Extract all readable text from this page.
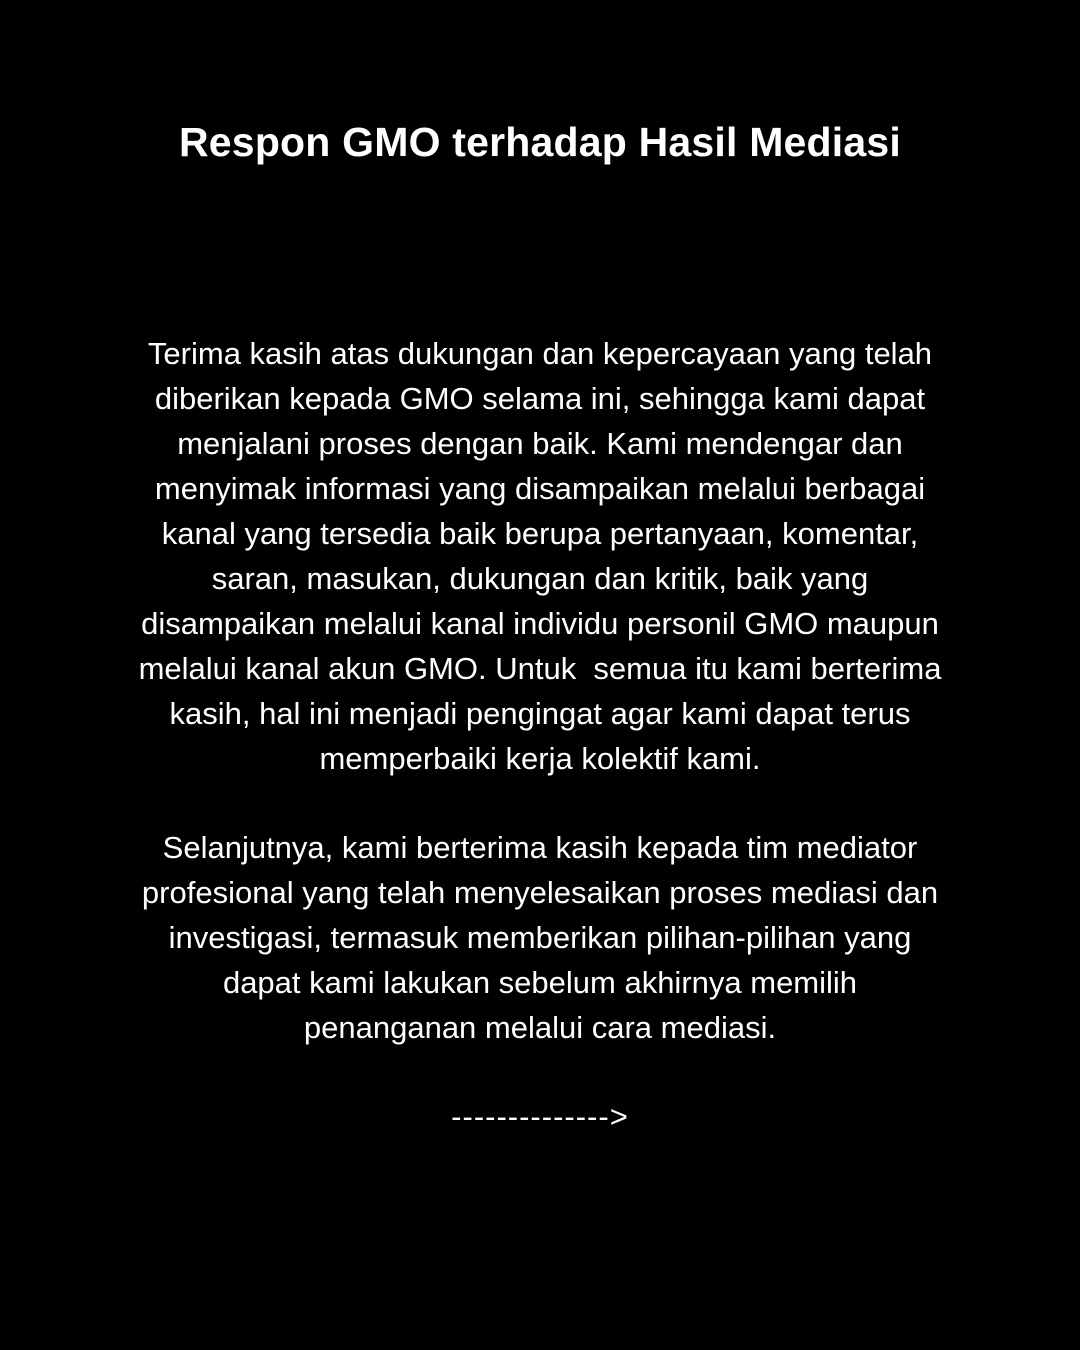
Respon GMO terhadap Hasil Mediasi

Terima kasih atas dukungan dan kepercayaan yang telah
diberikan kepada GMO selama ini, sehingga kami dapat
menjalani proses dengan baik. Kami mendengar dan
menyimak informasi yang disampaikan melalui berbagai
kanal yang tersedia baik berupa pertanyaan, komentar,
saran, masukan, dukungan dan kritik, baik yang
disampaikan melalui kanal individu personil GMO maupun
melalui kanal akun GMO. Untuk  semua itu kami berterima
kasih, hal ini menjadi pengingat agar kami dapat terus
memperbaiki kerja kolektif kami.

Selanjutnya, kami berterima kasih kepada tim mediator
profesional yang telah menyelesaikan proses mediasi dan
investigasi, termasuk memberikan pilihan-pilihan yang
dapat kami lakukan sebelum akhirnya memilih
penanganan melalui cara mediasi.

-------------->
